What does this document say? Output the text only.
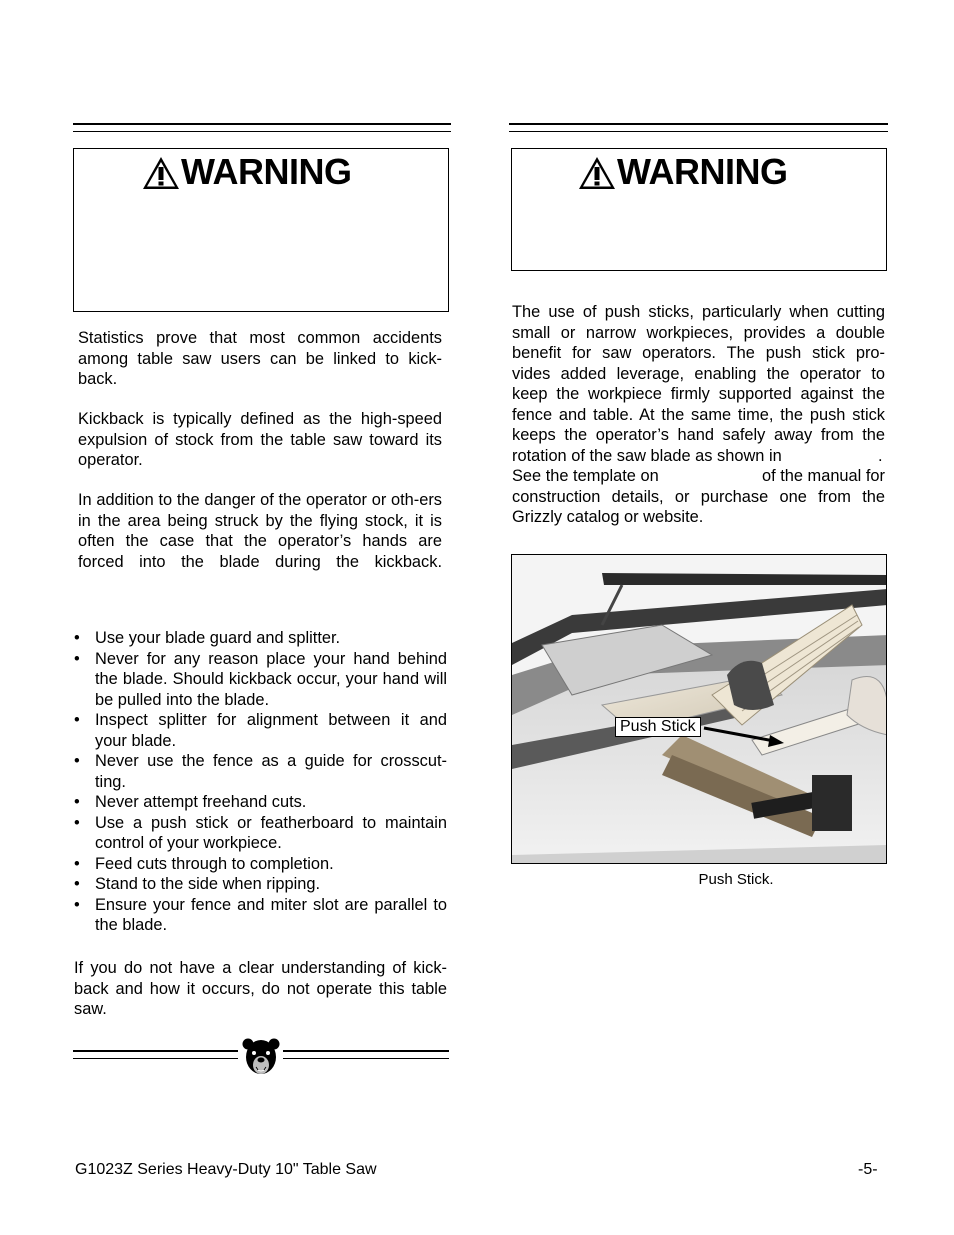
WARNING

Statistics prove that most common accidents among table saw users can be linked to kick-back.

Kickback is typically defined as the high-speed expulsion of stock from the table saw toward its operator.

In addition to the danger of the operator or oth-ers in the area being struck by the flying stock, it is often the case that the operator’s hands are forced into the blade during the kickback.

• Use your blade guard and splitter.
• Never for any reason place your hand behind the blade. Should kickback occur, your hand will be pulled into the blade.
• Inspect splitter for alignment between it and your blade.
• Never use the fence as a guide for crosscut-ting.
• Never attempt freehand cuts.
• Use a push stick or featherboard to maintain control of your workpiece.
• Feed cuts through to completion.
• Stand to the side when ripping.
• Ensure your fence and miter slot are parallel to the blade.

If you do not have a clear understanding of kick-back and how it occurs, do not operate this table saw.

WARNING
The use of push sticks, particularly when cutting
small or narrow workpieces, provides a double
benefit for saw operators. The push stick pro-
vides added leverage, enabling the operator to
keep the workpiece firmly supported against the
fence and table. At the same time, the push stick
keeps the operator’s hand safely away from the
rotation of the saw blade as shown in	.
See the template on	of the manual for
construction details, or purchase one from the
Grizzly catalog or website.
Push Stick
Push Stick.
G1023Z Series Heavy-Duty 10" Table Saw	-5-
